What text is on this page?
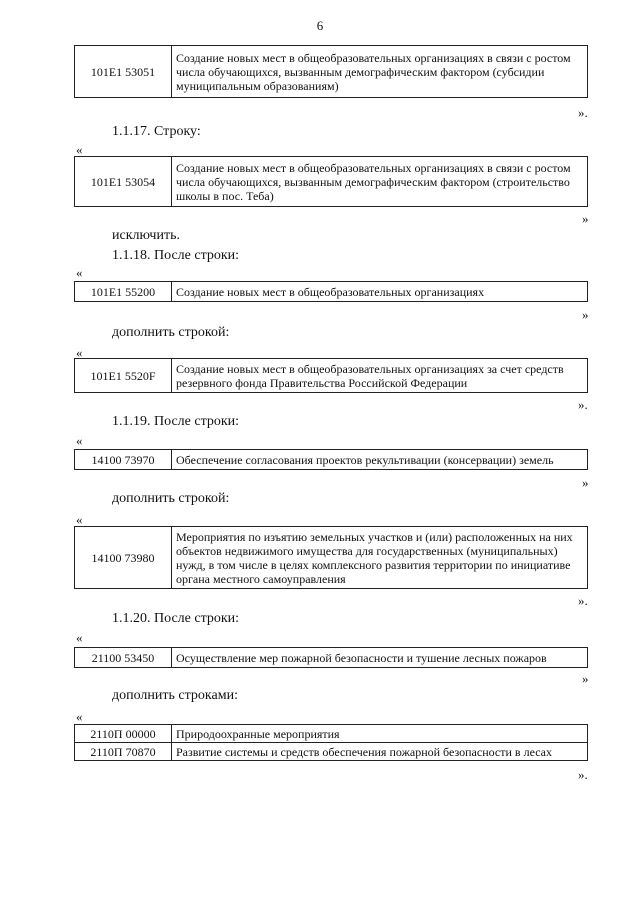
6
101Е1 53051	Создание новых мест в общеобразовательных организациях в связи с ростом числа обучающихся, вызванным демографическим фактором (субсидии муниципальным образованиям)
».
1.1.17. Строку:
«
101Е1 53054	Создание новых мест в общеобразовательных организациях в связи с ростом числа обучающихся, вызванным демографическим фактором (строительство школы в пос. Теба)
»
исключить.
1.1.18. После строки:
«
101Е1 55200	Создание новых мест в общеобразовательных организациях
»
дополнить строкой:
«
101Е1 5520F	Создание новых мест в общеобразовательных организациях за счет средств резервного фонда Правительства Российской Федерации
».
1.1.19. После строки:
«
14100 73970	Обеспечение согласования проектов рекультивации (консервации) земель
»
дополнить строкой:
«
14100 73980	Мероприятия по изъятию земельных участков и (или) расположенных на них объектов недвижимого имущества для государственных (муниципальных) нужд, в том числе в целях комплексного развития территории по инициативе органа местного самоуправления
».
1.1.20. После строки:
«
21100 53450	Осуществление мер пожарной безопасности и тушение лесных пожаров
»
дополнить строками:
«
2110П 00000	Природоохранные мероприятия
2110П 70870	Развитие системы и средств обеспечения пожарной безопасности в лесах
».
